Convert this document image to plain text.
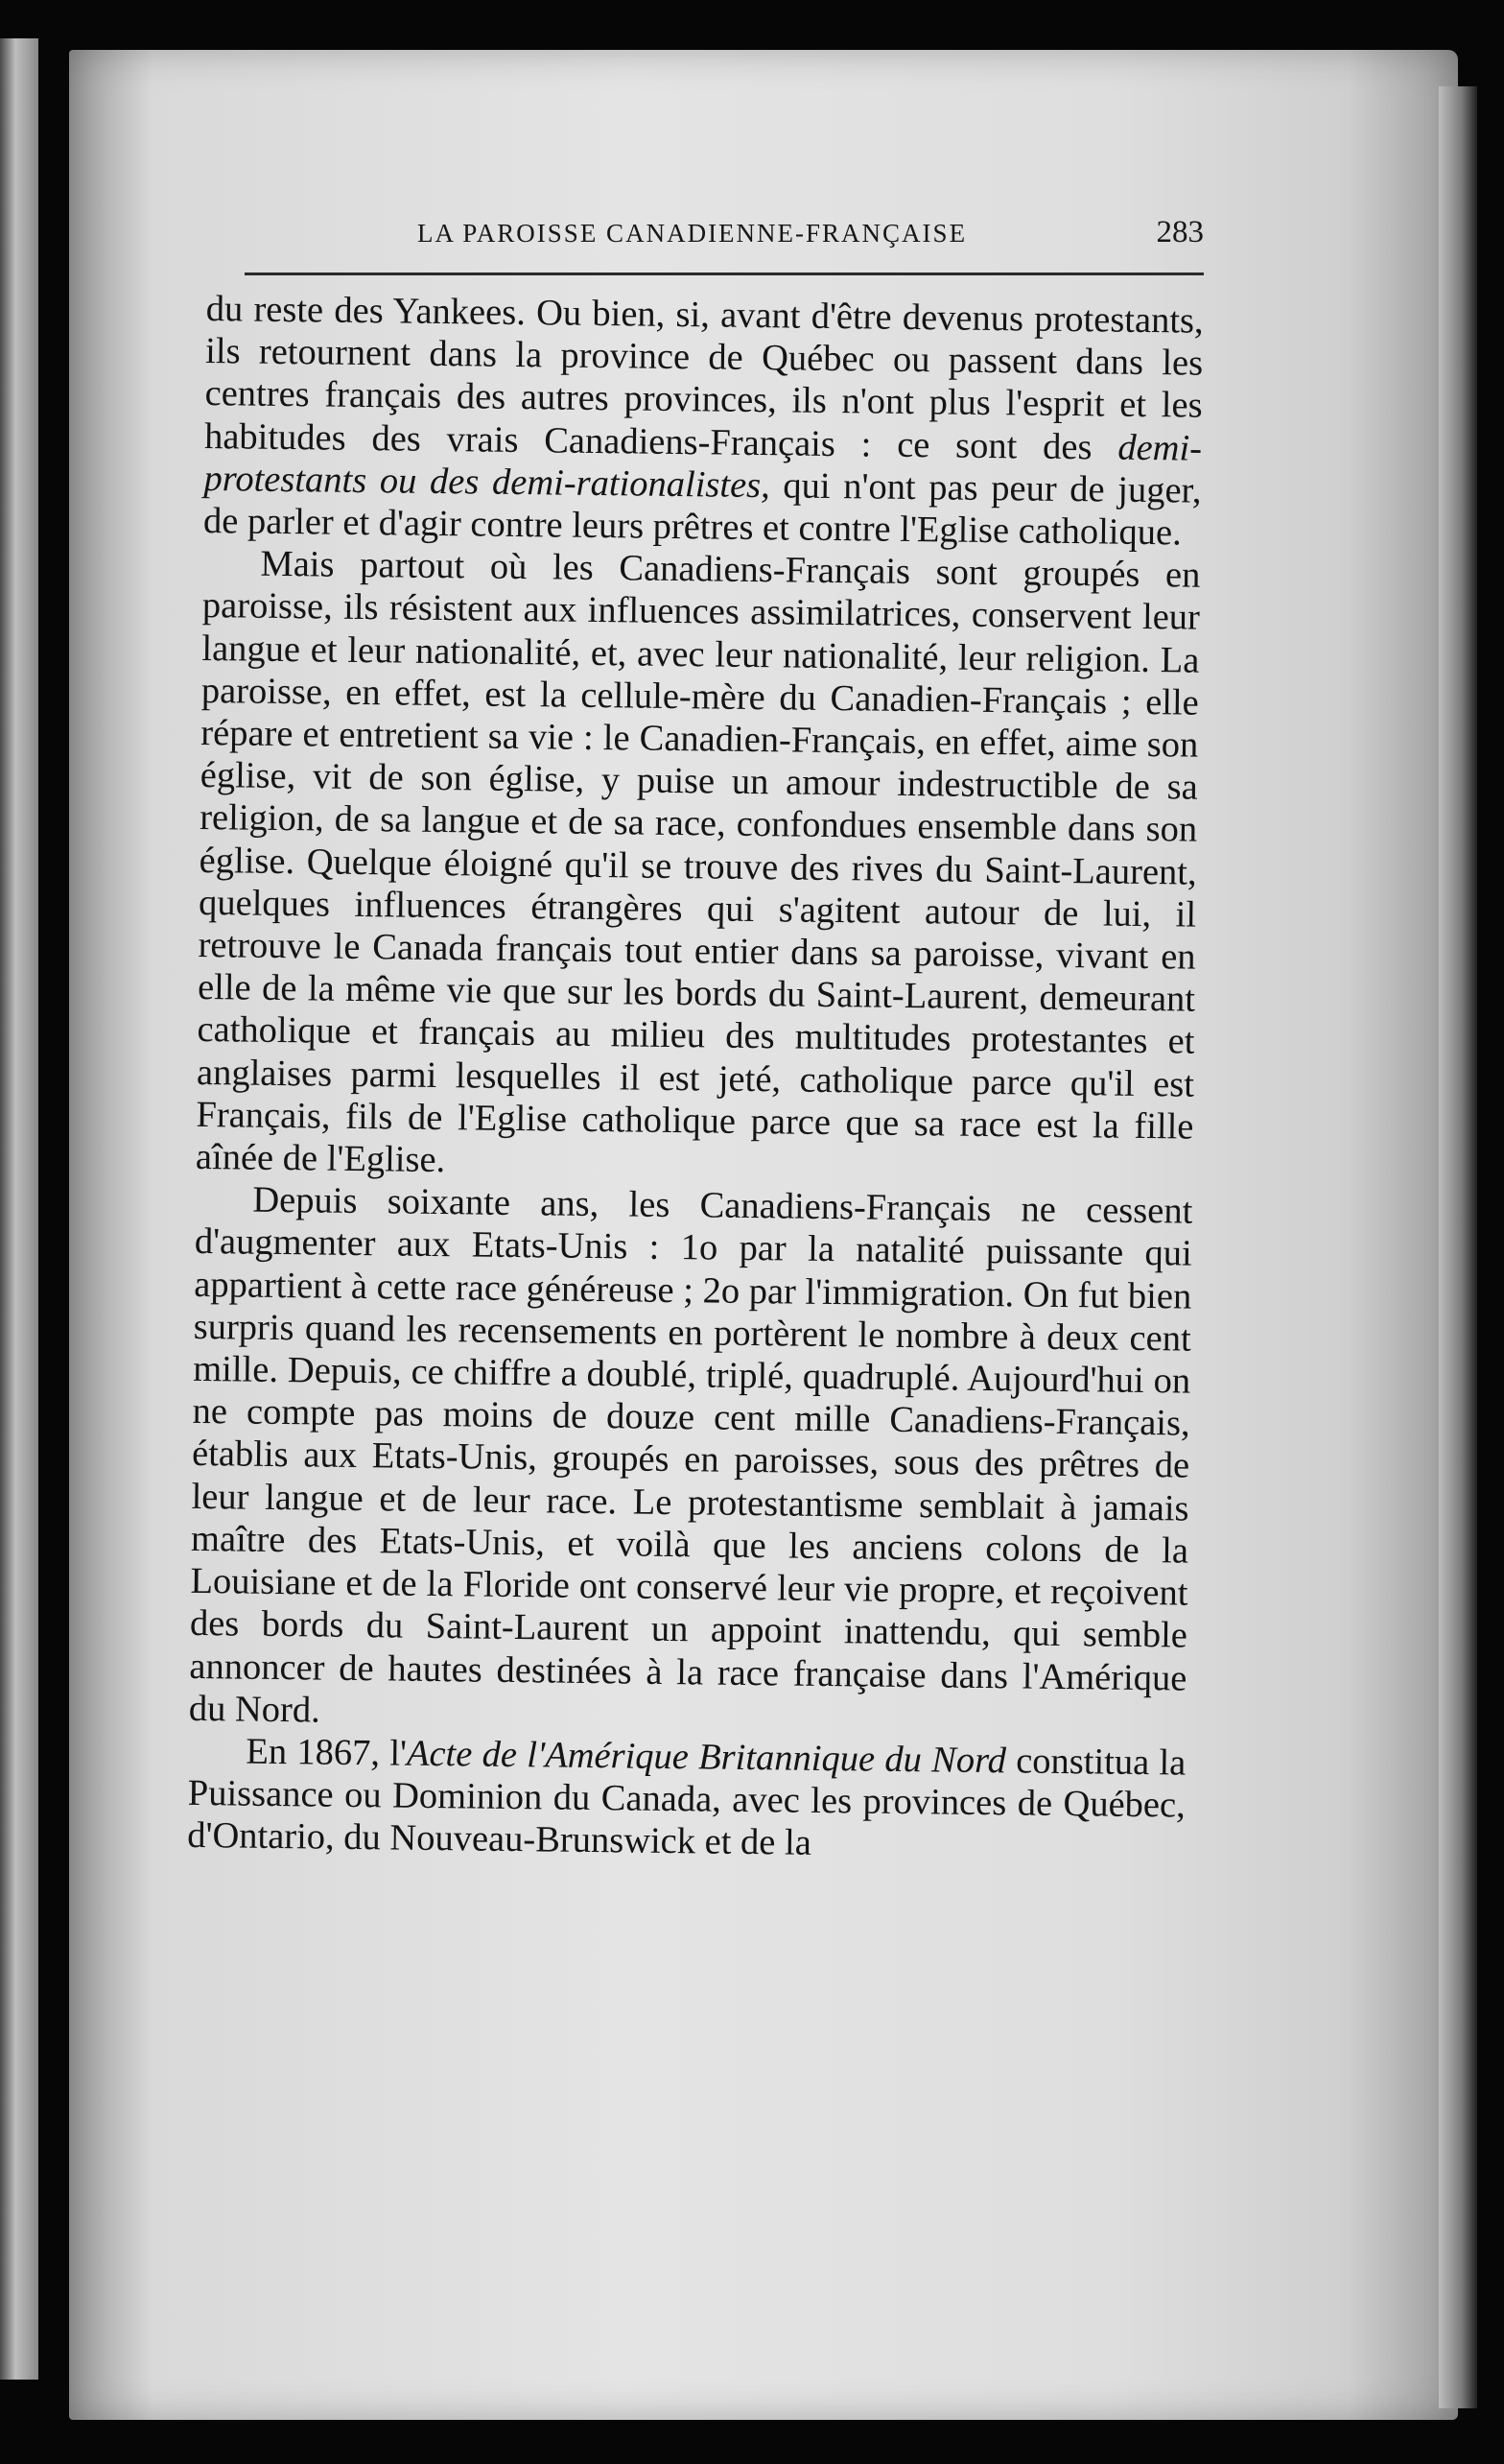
LA PAROISSE CANADIENNE-FRANÇAISE	283

du reste des Yankees. Ou bien, si, avant d'être devenus protestants, ils retournent dans la province de Québec ou passent dans les centres français des autres provinces, ils n'ont plus l'esprit et les habitudes des vrais Canadiens-Français : ce sont des demi-protestants ou des demi-rationalistes, qui n'ont pas peur de juger, de parler et d'agir contre leurs prêtres et contre l'Eglise catholique.

Mais partout où les Canadiens-Français sont groupés en paroisse, ils résistent aux influences assimilatrices, conservent leur langue et leur nationalité, et, avec leur nationalité, leur religion. La paroisse, en effet, est la cellule-mère du Canadien-Français ; elle répare et entretient sa vie : le Canadien-Français, en effet, aime son église, vit de son église, y puise un amour indestructible de sa religion, de sa langue et de sa race, confondues ensemble dans son église. Quelque éloigné qu'il se trouve des rives du Saint-Laurent, quelques influences étrangères qui s'agitent autour de lui, il retrouve le Canada français tout entier dans sa paroisse, vivant en elle de la même vie que sur les bords du Saint-Laurent, demeurant catholique et français au milieu des multitudes protestantes et anglaises parmi lesquelles il est jeté, catholique parce qu'il est Français, fils de l'Eglise catholique parce que sa race est la fille aînée de l'Eglise.

Depuis soixante ans, les Canadiens-Français ne cessent d'augmenter aux Etats-Unis : 1o par la natalité puissante qui appartient à cette race généreuse ; 2o par l'immigration. On fut bien surpris quand les recensements en portèrent le nombre à deux cent mille. Depuis, ce chiffre a doublé, triplé, quadruplé. Aujourd'hui on ne compte pas moins de douze cent mille Canadiens-Français, établis aux Etats-Unis, groupés en paroisses, sous des prêtres de leur langue et de leur race. Le protestantisme semblait à jamais maître des Etats-Unis, et voilà que les anciens colons de la Louisiane et de la Floride ont conservé leur vie propre, et reçoivent des bords du Saint-Laurent un appoint inattendu, qui semble annoncer de hautes destinées à la race française dans l'Amérique du Nord.

En 1867, l'Acte de l'Amérique Britannique du Nord constitua la Puissance ou Dominion du Canada, avec les provinces de Québec, d'Ontario, du Nouveau-Brunswick et de la
